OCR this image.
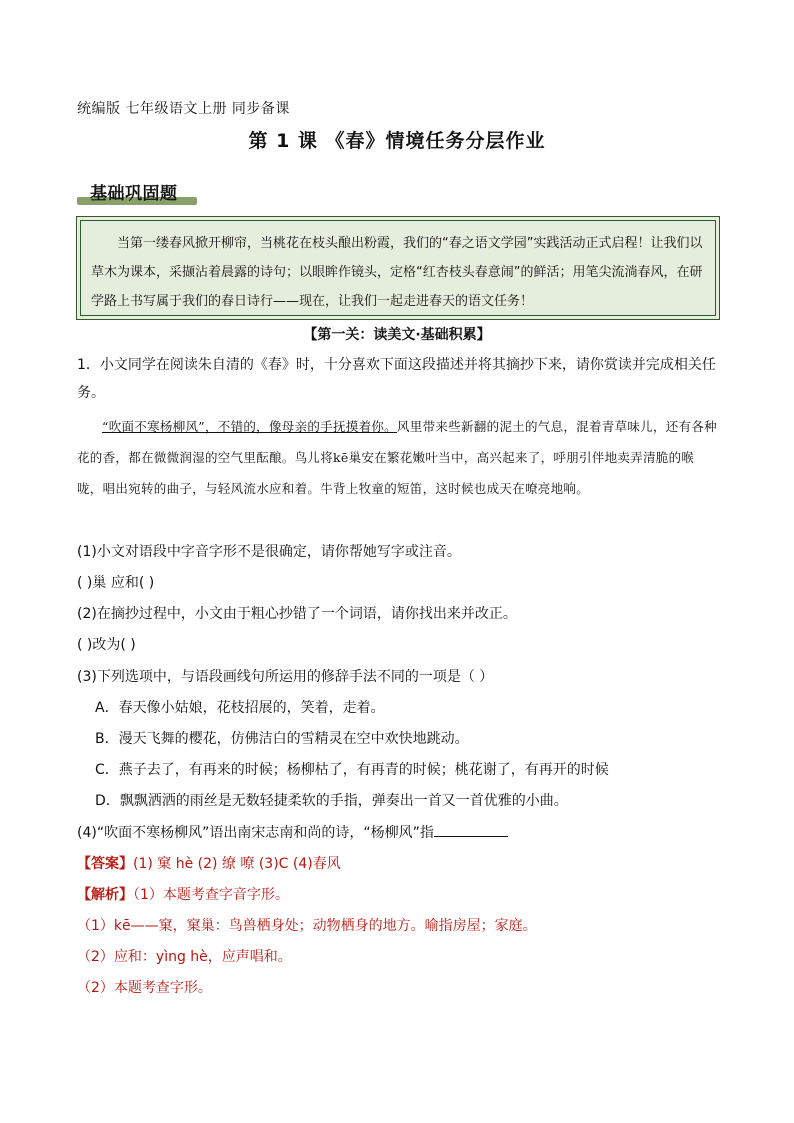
统编版 七年级语文上册 同步备课
第 1 课 《春》情境任务分层作业
基础巩固题
当第一缕春风掀开柳帘，当桃花在枝头酿出粉霞，我们的“春之语文学园”实践活动正式启程！让我们以草木为课本，采撷沾着晨露的诗句；以眼眸作镜头，定格“红杏枝头春意闹”的鲜活；用笔尖流淌春风，在研学路上书写属于我们的春日诗行——现在，让我们一起走进春天的语文任务！
【第一关：读美文·基础积累】
1．小文同学在阅读朱自清的《春》时，十分喜欢下面这段描述并将其摘抄下来，请你赏读并完成相关任务。
“吹面不寒杨柳风”，不错的，像母亲的手抚摸着你。风里带来些新翻的泥土的气息，混着青草味儿，还有各种花的香，都在微微润湿的空气里酝酿。鸟儿将kē巢安在繁花嫩叶当中，高兴起来了，呼朋引伴地卖弄清脆的喉咙，唱出宛转的曲子，与轻风流水应和着。牛背上牧童的短笛，这时候也成天在嘹亮地响。
(1)小文对语段中字音字形不是很确定，请你帮她写字或注音。
( )巢 应和( )
(2)在摘抄过程中，小文由于粗心抄错了一个词语，请你找出来并改正。
( )改为( )
(3)下列选项中，与语段画线句所运用的修辞手法不同的一项是（ ）
A．春天像小姑娘，花枝招展的，笑着，走着。
B．漫天飞舞的樱花，仿佛洁白的雪精灵在空中欢快地跳动。
C．燕子去了，有再来的时候；杨柳枯了，有再青的时候；桃花谢了，有再开的时候
D．飘飘洒洒的雨丝是无数轻捷柔软的手指，弹奏出一首又一首优雅的小曲。
(4)“吹面不寒杨柳风”语出南宋志南和尚的诗，“杨柳风”指
【答案】(1) 窠 hè (2) 缭 嘹 (3)C (4)春风
【解析】（1）本题考查字音字形。
（1）kē——窠，窠巢：鸟兽栖身处；动物栖身的地方。喻指房屋；家庭。
（2）应和：yìng hè，应声唱和。
（2）本题考查字形。
